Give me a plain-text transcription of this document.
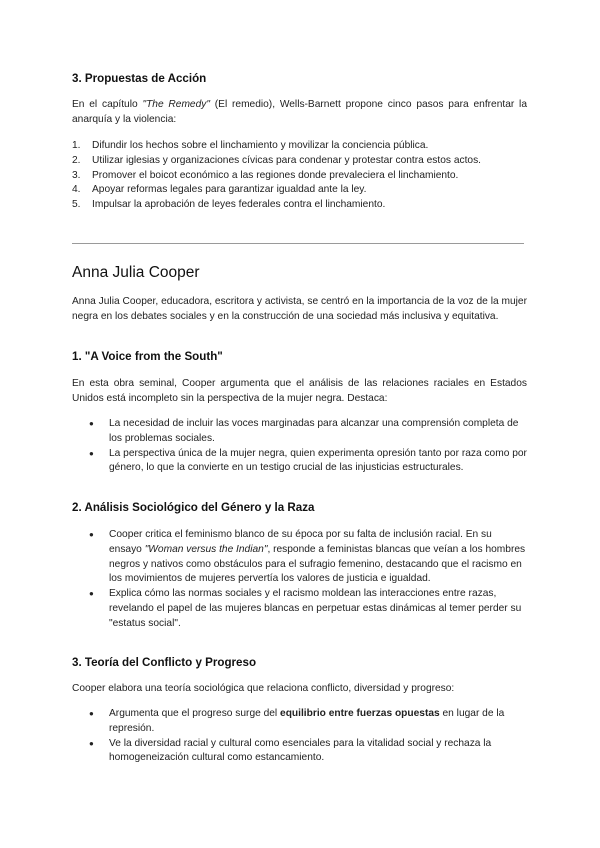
3. Propuestas de Acción
En el capítulo "The Remedy" (El remedio), Wells-Barnett propone cinco pasos para enfrentar la anarquía y la violencia:
1.	Difundir los hechos sobre el linchamiento y movilizar la conciencia pública.
2.	Utilizar iglesias y organizaciones cívicas para condenar y protestar contra estos actos.
3.	Promover el boicot económico a las regiones donde prevaleciera el linchamiento.
4.	Apoyar reformas legales para garantizar igualdad ante la ley.
5.	Impulsar la aprobación de leyes federales contra el linchamiento.
Anna Julia Cooper
Anna Julia Cooper, educadora, escritora y activista, se centró en la importancia de la voz de la mujer negra en los debates sociales y en la construcción de una sociedad más inclusiva y equitativa.
1. "A Voice from the South"
En esta obra seminal, Cooper argumenta que el análisis de las relaciones raciales en Estados Unidos está incompleto sin la perspectiva de la mujer negra. Destaca:
● La necesidad de incluir las voces marginadas para alcanzar una comprensión completa de los problemas sociales.
● La perspectiva única de la mujer negra, quien experimenta opresión tanto por raza como por género, lo que la convierte en un testigo crucial de las injusticias estructurales.
2. Análisis Sociológico del Género y la Raza
● Cooper critica el feminismo blanco de su época por su falta de inclusión racial. En su ensayo "Woman versus the Indian", responde a feministas blancas que veían a los hombres negros y nativos como obstáculos para el sufragio femenino, destacando que el racismo en los movimientos de mujeres pervertía los valores de justicia e igualdad.
● Explica cómo las normas sociales y el racismo moldean las interacciones entre razas, revelando el papel de las mujeres blancas en perpetuar estas dinámicas al temer perder su "estatus social".
3. Teoría del Conflicto y Progreso
Cooper elabora una teoría sociológica que relaciona conflicto, diversidad y progreso:
● Argumenta que el progreso surge del equilibrio entre fuerzas opuestas en lugar de la represión.
● Ve la diversidad racial y cultural como esenciales para la vitalidad social y rechaza la homogeneización cultural como estancamiento.
